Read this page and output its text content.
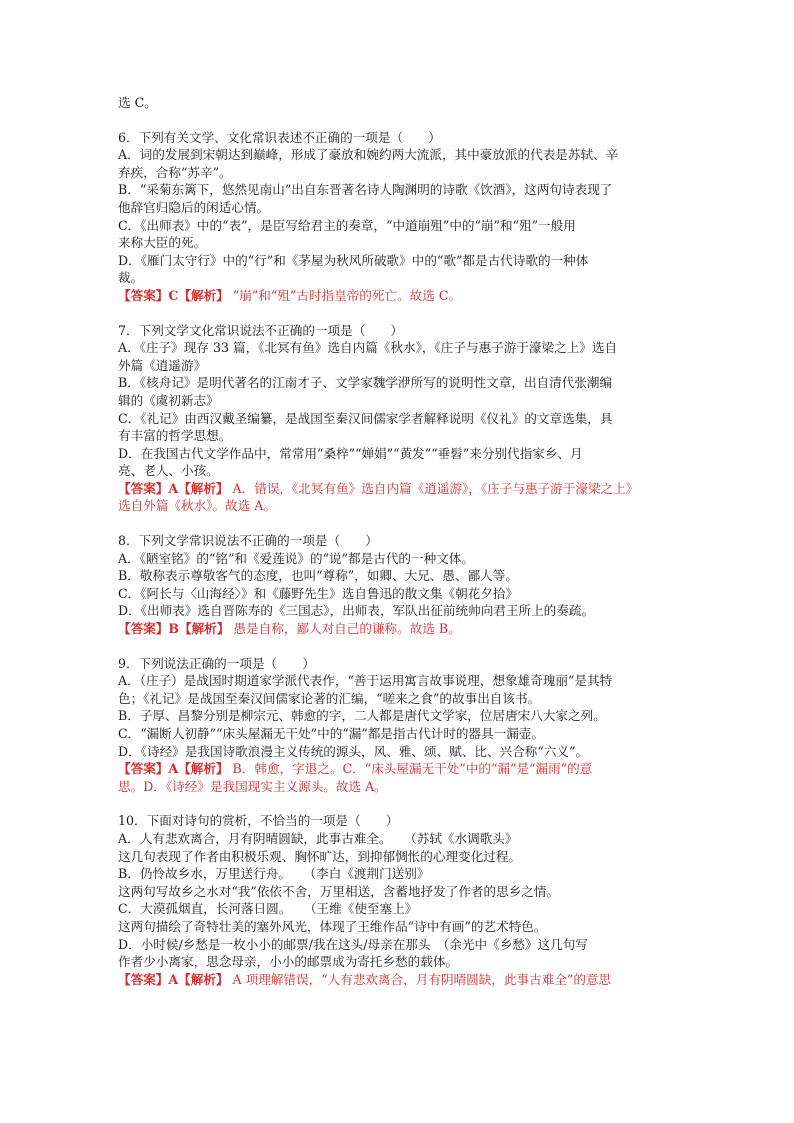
选 C。
6．下列有关文学、文化常识表述不正确的一项是（　　）
A．词的发展到宋朝达到巅峰，形成了豪放和婉约两大流派，其中豪放派的代表是苏轼、辛
弃疾，合称“苏辛”。
B．“采菊东篱下，悠然见南山”出自东晋著名诗人陶渊明的诗歌《饮酒》，这两句诗表现了
他辞官归隐后的闲适心情。
C．《出师表》中的“表”，是臣写给君主的奏章，“中道崩殂”中的“崩”和“殂”一般用
来称大臣的死。
D．《雁门太守行》中的“行”和《茅屋为秋风所破歌》中的“歌”都是古代诗歌的一种体
裁。
【答案】C【解析】 “崩”和“殂”古时指皇帝的死亡。故选 C。
7．下列文学文化常识说法不正确的一项是（　　）
A．《庄子》现存 33 篇，《北冥有鱼》选自内篇《秋水》，《庄子与惠子游于濠梁之上》选自
外篇《逍遥游》
B．《核舟记》是明代著名的江南才子、文学家魏学洢所写的说明性文章，出自清代张潮编
辑的《虞初新志》
C．《礼记》由西汉戴圣编纂，是战国至秦汉间儒家学者解释说明《仪礼》的文章选集，具
有丰富的哲学思想。
D．在我国古代文学作品中，常常用“桑梓”“婵娟”“黄发”“垂髫”来分别代指家乡、月
亮、老人、小孩。
【答案】A【解析】 A．错误，《北冥有鱼》选自内篇《逍遥游》，《庄子与惠子游于濠梁之上》
选自外篇《秋水》。故选 A。
8．下列文学常识说法不正确的一项是（　　）
A．《陋室铭》的“铭”和《爱莲说》的“说”都是古代的一种文体。
B．敬称表示尊敬客气的态度，也叫“尊称”，如卿、大兄、愚、鄙人等。
C．《阿长与〈山海经〉》和《藤野先生》选自鲁迅的散文集《朝花夕拾》
D．《出师表》选自晋陈寿的《三国志》，出师表，军队出征前统帅向君王所上的奏疏。
【答案】B【解析】 愚是自称，鄙人对自己的谦称。故选 B。
9．下列说法正确的一项是（　　）
A．（庄子）是战国时期道家学派代表作，“善于运用寓言故事说理，想象雄奇瑰丽”是其特
色；《礼记》是战国至秦汉间儒家论著的汇编，“嗟来之食”的故事出自该书。
B．子厚、昌黎分别是柳宗元、韩愈的字，二人都是唐代文学家，位居唐宋八大家之列。
C．“漏断人初静”“床头屋漏无干处”中的“漏”都是指古代计时的器具一漏壶。
D．《诗经》是我国诗歌浪漫主义传统的源头，风、雅、颂、赋、比、兴合称“六义”。
【答案】A【解析】 B．韩愈，字退之。C．“床头屋漏无干处”中的“漏”是“漏雨”的意
思。D．《诗经》是我国现实主义源头。故选 A。
10．下面对诗句的赏析，不恰当的一项是（　　）
A．人有悲欢离合，月有阴晴圆缺，此事古难全。　　（苏轼《水调歌头》
这几句表现了作者由积极乐观、胸怀旷达，到抑郁惆怅的心理变化过程。
B．仍怜故乡水，万里送行舟。　　（李白《渡荆门送别》
这两句写故乡之水对“我”依依不舍，万里相送，含蓄地抒发了作者的思乡之情。
C．大漠孤烟直，长河落日圆。　　（王维《使至塞上》
这两句描绘了奇特壮美的塞外风光，体现了王维作品“诗中有画”的艺术特色。
D．小时候/乡愁是一枚小小的邮票/我在这头/母亲在那头　（余光中《乡愁》这几句写
作者少小离家，思念母亲，小小的邮票成为寄托乡愁的载体。
【答案】A【解析】 A 项理解错误，“人有悲欢离合，月有阴晴圆缺，此事古难全”的意思
